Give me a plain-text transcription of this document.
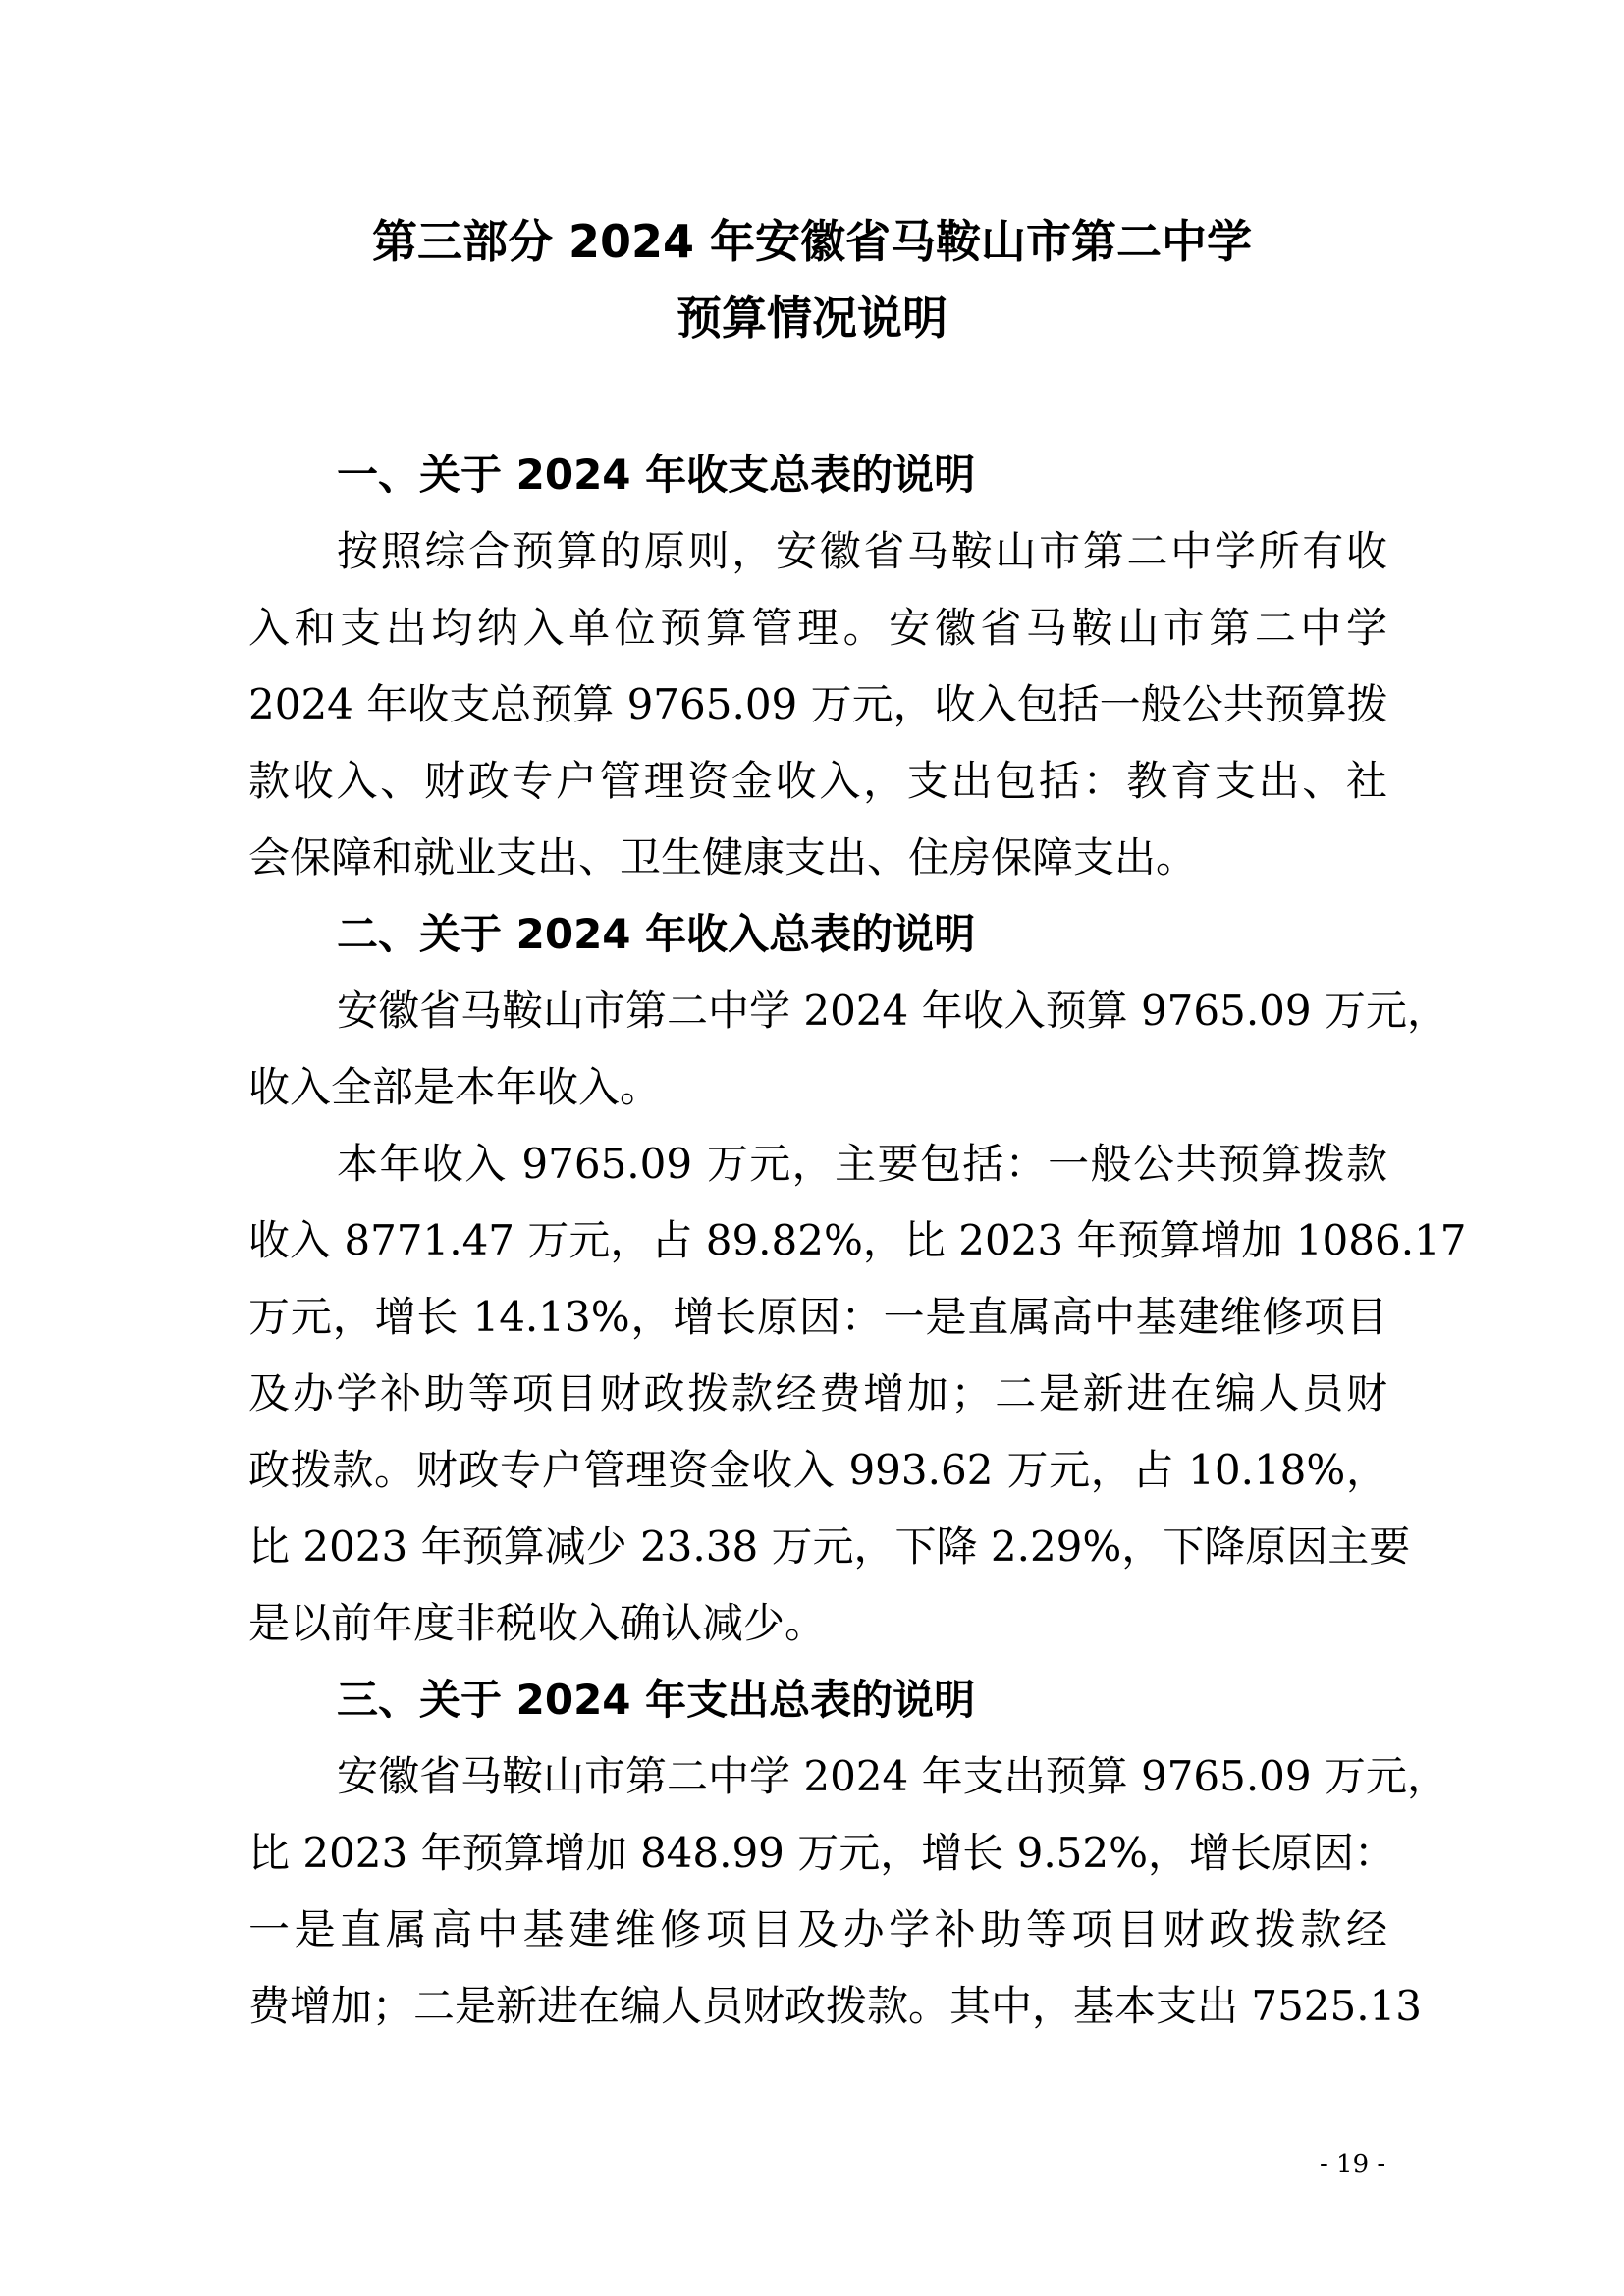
第三部分 2024 年安徽省马鞍山市第二中学
预算情况说明
一、关于 2024 年收支总表的说明
按照综合预算的原则，安徽省马鞍山市第二中学所有收
入和支出均纳入单位预算管理。安徽省马鞍山市第二中学
2024 年收支总预算 9765.09 万元，收入包括一般公共预算拨
款收入、财政专户管理资金收入，支出包括：教育支出、社
会保障和就业支出、卫生健康支出、住房保障支出。
二、关于 2024 年收入总表的说明
安徽省马鞍山市第二中学 2024 年收入预算 9765.09 万元，
收入全部是本年收入。
本年收入 9765.09 万元，主要包括：一般公共预算拨款
收入 8771.47 万元，占 89.82%，比 2023 年预算增加 1086.17
万元，增长 14.13%，增长原因：一是直属高中基建维修项目
及办学补助等项目财政拨款经费增加；二是新进在编人员财
政拨款。财政专户管理资金收入 993.62 万元，占 10.18%，
比 2023 年预算减少 23.38 万元，下降 2.29%，下降原因主要
是以前年度非税收入确认减少。
三、关于 2024 年支出总表的说明
安徽省马鞍山市第二中学 2024 年支出预算 9765.09 万元，
比 2023 年预算增加 848.99 万元，增长 9.52%，增长原因：
一是直属高中基建维修项目及办学补助等项目财政拨款经
费增加；二是新进在编人员财政拨款。其中，基本支出 7525.13
- 19 -
